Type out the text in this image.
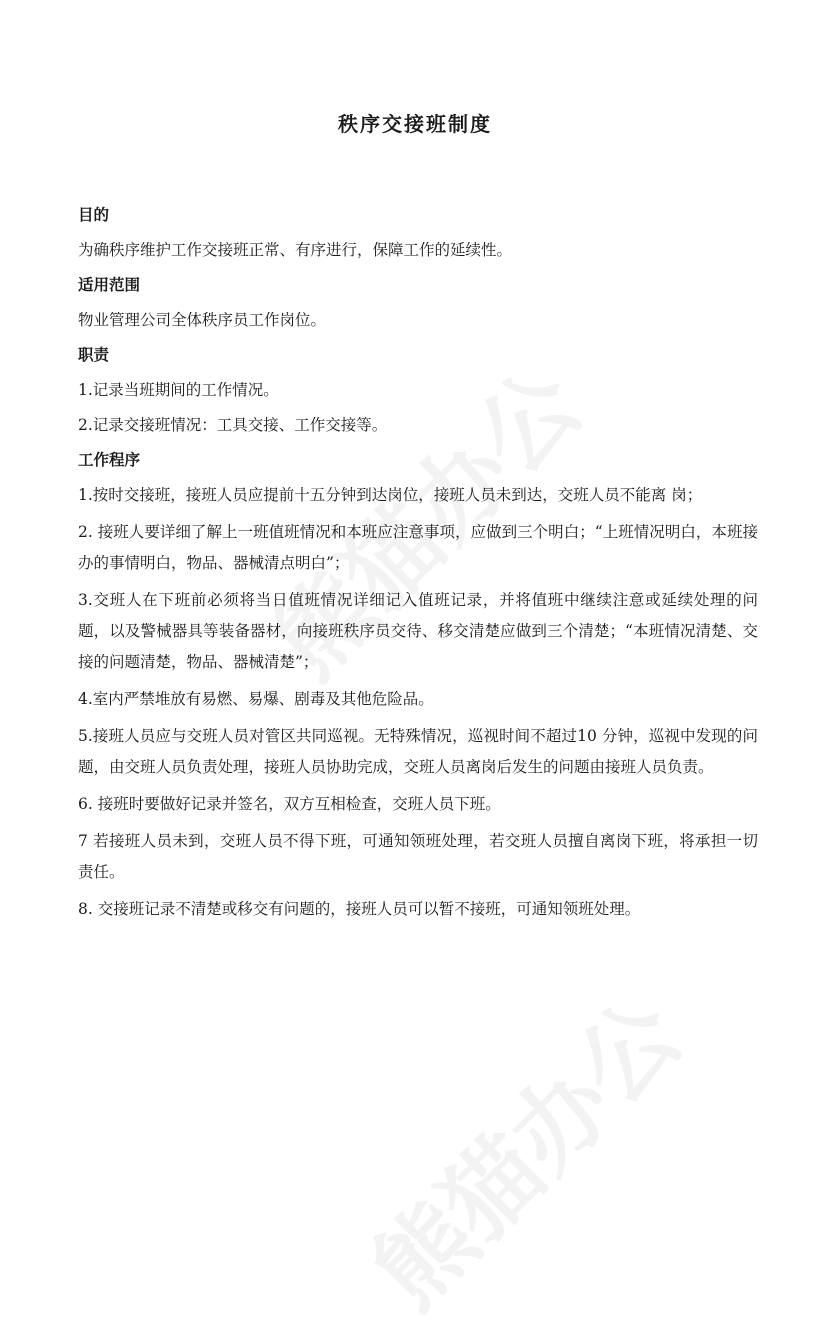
秩序交接班制度
目的
为确秩序维护工作交接班正常、有序进行，保障工作的延续性。
适用范围
物业管理公司全体秩序员工作岗位。
职责
1.记录当班期间的工作情况。
2.记录交接班情况：工具交接、工作交接等。
工作程序
1.按时交接班，接班人员应提前十五分钟到达岗位，接班人员未到达，交班人员不能离 岗；
2. 接班人要详细了解上一班值班情况和本班应注意事项，应做到三个明白；“上班情况明白，本班接办的事情明白，物品、器械清点明白”；
3.交班人在下班前必须将当日值班情况详细记入值班记录，并将值班中继续注意或延续处理的问题，以及警械器具等装备器材，向接班秩序员交待、移交清楚应做到三个清楚；“本班情况清楚、交接的问题清楚，物品、器械清楚”；
4.室内严禁堆放有易燃、易爆、剧毒及其他危险品。
5.接班人员应与交班人员对管区共同巡视。无特殊情况，巡视时间不超过10 分钟，巡视中发现的问题，由交班人员负责处理，接班人员协助完成，交班人员离岗后发生的问题由接班人员负责。
6. 接班时要做好记录并签名，双方互相检查，交班人员下班。
7 若接班人员未到，交班人员不得下班，可通知领班处理，若交班人员擅自离岗下班，将承担一切责任。
8. 交接班记录不清楚或移交有问题的，接班人员可以暂不接班，可通知领班处理。
